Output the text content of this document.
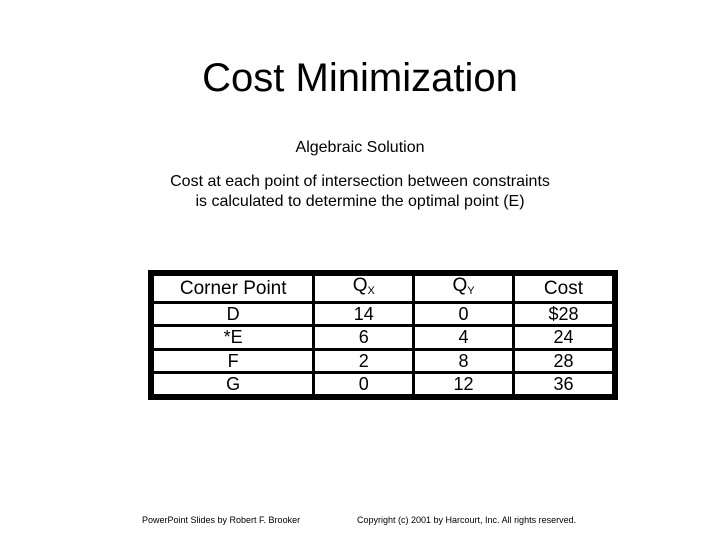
Cost Minimization
Algebraic Solution
Cost at each point of intersection between constraints
is calculated to determine the optimal point (E)
Corner Point	$Q_X$	$Q_Y$	Cost
D	14	0	$28
*E	6	4	24
F	2	8	28
G	0	12	36
PowerPoint Slides by Robert F. Brooker	Copyright (c) 2001 by Harcourt, Inc. All rights reserved.
